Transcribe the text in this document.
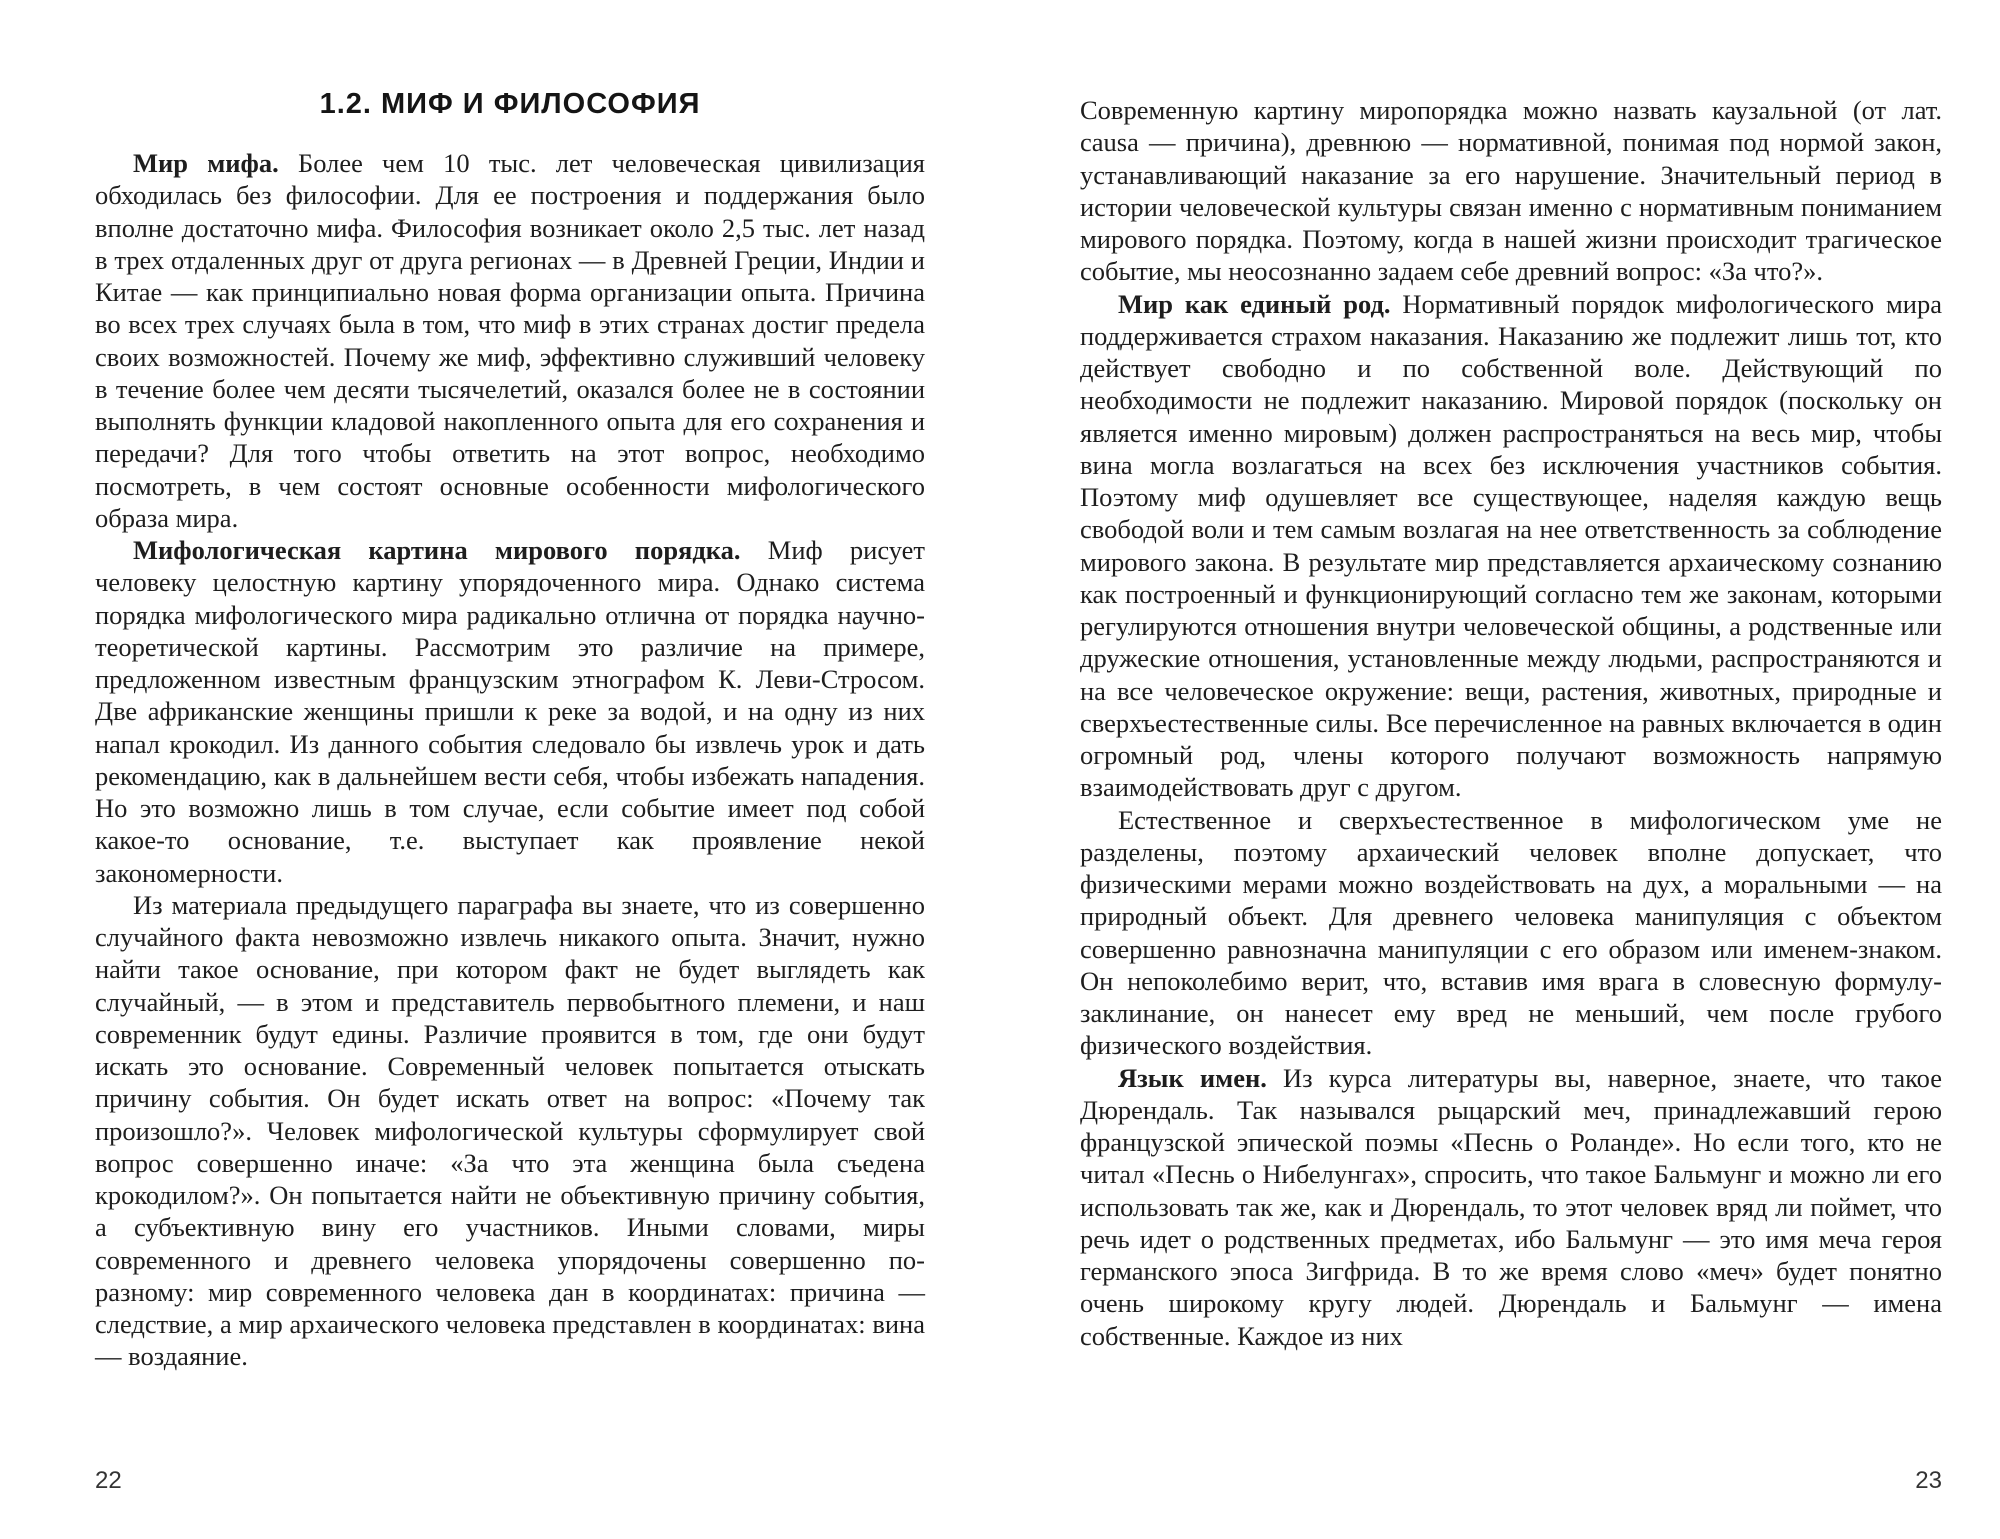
1.2. МИФ И ФИЛОСОФИЯ

Мир мифа. Более чем 10 тыс. лет человеческая цивилизация обходилась без философии. Для ее построения и поддержания было вполне достаточно мифа. Философия возникает около 2,5 тыс. лет назад в трех отдаленных друг от друга регионах — в Древней Греции, Индии и Китае — как принципиально новая форма организации опыта. Причина во всех трех случаях была в том, что миф в этих странах достиг предела своих возможностей. Почему же миф, эффективно служивший человеку в течение более чем десяти тысячелетий, оказался более не в состоянии выполнять функции кладовой накопленного опыта для его сохранения и передачи? Для того чтобы ответить на этот вопрос, необходимо посмотреть, в чем состоят основные особенности мифологического образа мира.

Мифологическая картина мирового порядка. Миф рисует человеку целостную картину упорядоченного мира. Однако система порядка мифологического мира радикально отлична от порядка научно-теоретической картины. Рассмотрим это различие на примере, предложенном известным французским этнографом К. Леви-Стросом. Две африканские женщины пришли к реке за водой, и на одну из них напал крокодил. Из данного события следовало бы извлечь урок и дать рекомендацию, как в дальнейшем вести себя, чтобы избежать нападения. Но это возможно лишь в том случае, если событие имеет под собой какое-то основание, т.е. выступает как проявление некой закономерности.

Из материала предыдущего параграфа вы знаете, что из совершенно случайного факта невозможно извлечь никакого опыта. Значит, нужно найти такое основание, при котором факт не будет выглядеть как случайный, — в этом и представитель первобытного племени, и наш современник будут едины. Различие проявится в том, где они будут искать это основание. Современный человек попытается отыскать причину события. Он будет искать ответ на вопрос: «Почему так произошло?». Человек мифологической культуры сформулирует свой вопрос совершенно иначе: «За что эта женщина была съедена крокодилом?». Он попытается найти не объективную причину события, а субъективную вину его участников. Иными словами, миры современного и древнего человека упорядочены совершенно по-разному: мир современного человека дан в координатах: причина — следствие, а мир архаического человека представлен в координатах: вина — воздаяние.

22

Современную картину миропорядка можно назвать каузальной (от лат. causa — причина), древнюю — нормативной, понимая под нормой закон, устанавливающий наказание за его нарушение. Значительный период в истории человеческой культуры связан именно с нормативным пониманием мирового порядка. Поэтому, когда в нашей жизни происходит трагическое событие, мы неосознанно задаем себе древний вопрос: «За что?».

Мир как единый род. Нормативный порядок мифологического мира поддерживается страхом наказания. Наказанию же подлежит лишь тот, кто действует свободно и по собственной воле. Действующий по необходимости не подлежит наказанию. Мировой порядок (поскольку он является именно мировым) должен распространяться на весь мир, чтобы вина могла возлагаться на всех без исключения участников события. Поэтому миф одушевляет все существующее, наделяя каждую вещь свободой воли и тем самым возлагая на нее ответственность за соблюдение мирового закона. В результате мир представляется архаическому сознанию как построенный и функционирующий согласно тем же законам, которыми регулируются отношения внутри человеческой общины, а родственные или дружеские отношения, установленные между людьми, распространяются и на все человеческое окружение: вещи, растения, животных, природные и сверхъестественные силы. Все перечисленное на равных включается в один огромный род, члены которого получают возможность напрямую взаимодействовать друг с другом.

Естественное и сверхъестественное в мифологическом уме не разделены, поэтому архаический человек вполне допускает, что физическими мерами можно воздействовать на дух, а моральными — на природный объект. Для древнего человека манипуляция с объектом совершенно равнозначна манипуляции с его образом или именем-знаком. Он непоколебимо верит, что, вставив имя врага в словесную формулу-заклинание, он нанесет ему вред не меньший, чем после грубого физического воздействия.

Язык имен. Из курса литературы вы, наверное, знаете, что такое Дюрендаль. Так назывался рыцарский меч, принадлежавший герою французской эпической поэмы «Песнь о Роланде». Но если того, кто не читал «Песнь о Нибелунгах», спросить, что такое Бальмунг и можно ли его использовать так же, как и Дюрендаль, то этот человек вряд ли поймет, что речь идет о родственных предметах, ибо Бальмунг — это имя меча героя германского эпоса Зигфрида. В то же время слово «меч» будет понятно очень широкому кругу людей. Дюрендаль и Бальмунг — имена собственные. Каждое из них

23
